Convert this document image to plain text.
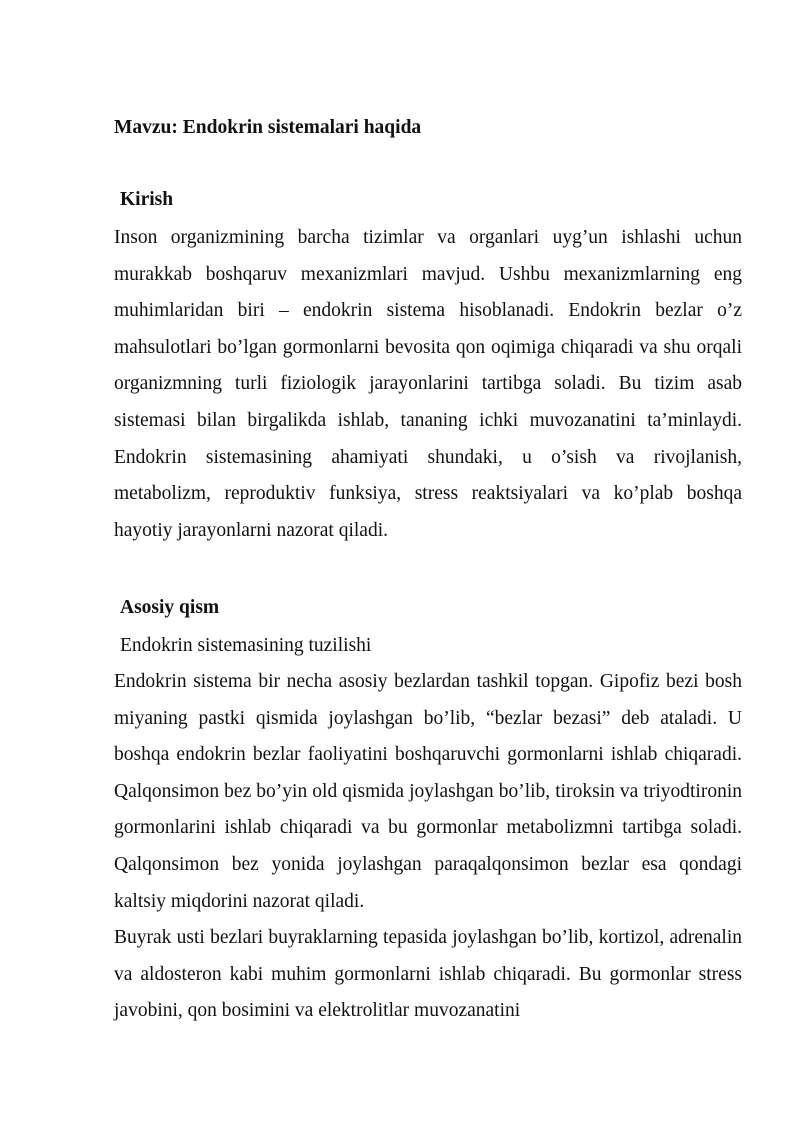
Mavzu: Endokrin sistemalari haqida
Kirish
Inson organizmining barcha tizimlar va organlari uyg’un ishlashi uchun murakkab boshqaruv mexanizmlari mavjud. Ushbu mexanizmlarning eng muhimlaridan biri – endokrin sistema hisoblanadi. Endokrin bezlar o’z mahsulotlari bo’lgan gormonlarni bevosita qon oqimiga chiqaradi va shu orqali organizmning turli fiziologik jarayonlarini tartibga soladi. Bu tizim asab sistemasi bilan birgalikda ishlab, tananing ichki muvozanatini ta’minlaydi. Endokrin sistemasining ahamiyati shundaki, u o’sish va rivojlanish, metabolizm, reproduktiv funksiya, stress reaktsiyalari va ko’plab boshqa hayotiy jarayonlarni nazorat qiladi.
Asosiy qism
Endokrin sistemasining tuzilishi
Endokrin sistema bir necha asosiy bezlardan tashkil topgan. Gipofiz bezi bosh miyaning pastki qismida joylashgan bo’lib, “bezlar bezasi” deb ataladi. U boshqa endokrin bezlar faoliyatini boshqaruvchi gormonlarni ishlab chiqaradi. Qalqonsimon bez bo’yin old qismida joylashgan bo’lib, tiroksin va triyodtironin gormonlarini ishlab chiqaradi va bu gormonlar metabolizmni tartibga soladi. Qalqonsimon bez yonida joylashgan paraqalqonsimon bezlar esa qondagi kaltsiy miqdorini nazorat qiladi.
Buyrak usti bezlari buyraklarning tepasida joylashgan bo’lib, kortizol, adrenalin va aldosteron kabi muhim gormonlarni ishlab chiqaradi. Bu gormonlar stress javobini, qon bosimini va elektrolitlar muvozanatini
